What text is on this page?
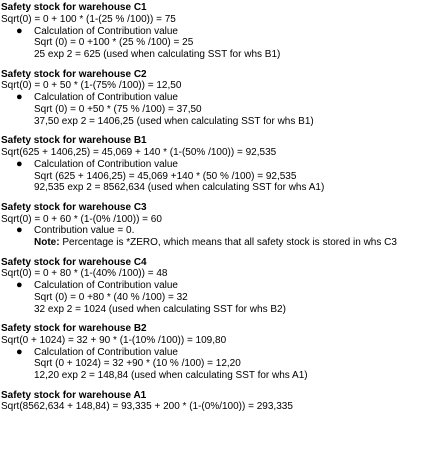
Safety stock for warehouse C1
Sqrt(0) = 0 + 100 * (1-(25 % /100)) = 75
● Calculation of Contribution value
Sqrt (0) = 0 +100 * (25 % /100) = 25
25 exp 2 = 625 (used when calculating SST for whs B1)
Safety stock for warehouse C2
Sqrt(0) = 0 + 50 * (1-(75% /100)) = 12,50
● Calculation of Contribution value
Sqrt (0) = 0 +50 * (75 % /100) = 37,50
37,50 exp 2 = 1406,25 (used when calculating SST for whs B1)
Safety stock for warehouse B1
Sqrt(625 + 1406,25) = 45,069 + 140 * (1-(50% /100)) = 92,535
● Calculation of Contribution value
Sqrt (625 + 1406,25) = 45,069 +140 * (50 % /100) = 92,535
92,535 exp 2 = 8562,634 (used when calculating SST for whs A1)
Safety stock for warehouse C3
Sqrt(0) = 0 + 60 * (1-(0% /100)) = 60
● Contribution value = 0.
Note: Percentage is *ZERO, which means that all safety stock is stored in whs C3
Safety stock for warehouse C4
Sqrt(0) = 0 + 80 * (1-(40% /100)) = 48
● Calculation of Contribution value
Sqrt (0) = 0 +80 * (40 % /100) = 32
32 exp 2 = 1024 (used when calculating SST for whs B2)
Safety stock for warehouse B2
Sqrt(0 + 1024) = 32 + 90 * (1-(10% /100)) = 109,80
● Calculation of Contribution value
Sqrt (0 + 1024) = 32 +90 * (10 % /100) = 12,20
12,20 exp 2 = 148,84 (used when calculating SST for whs A1)
Safety stock for warehouse A1
Sqrt(8562,634 + 148,84) = 93,335 + 200 * (1-(0%/100)) = 293,335
